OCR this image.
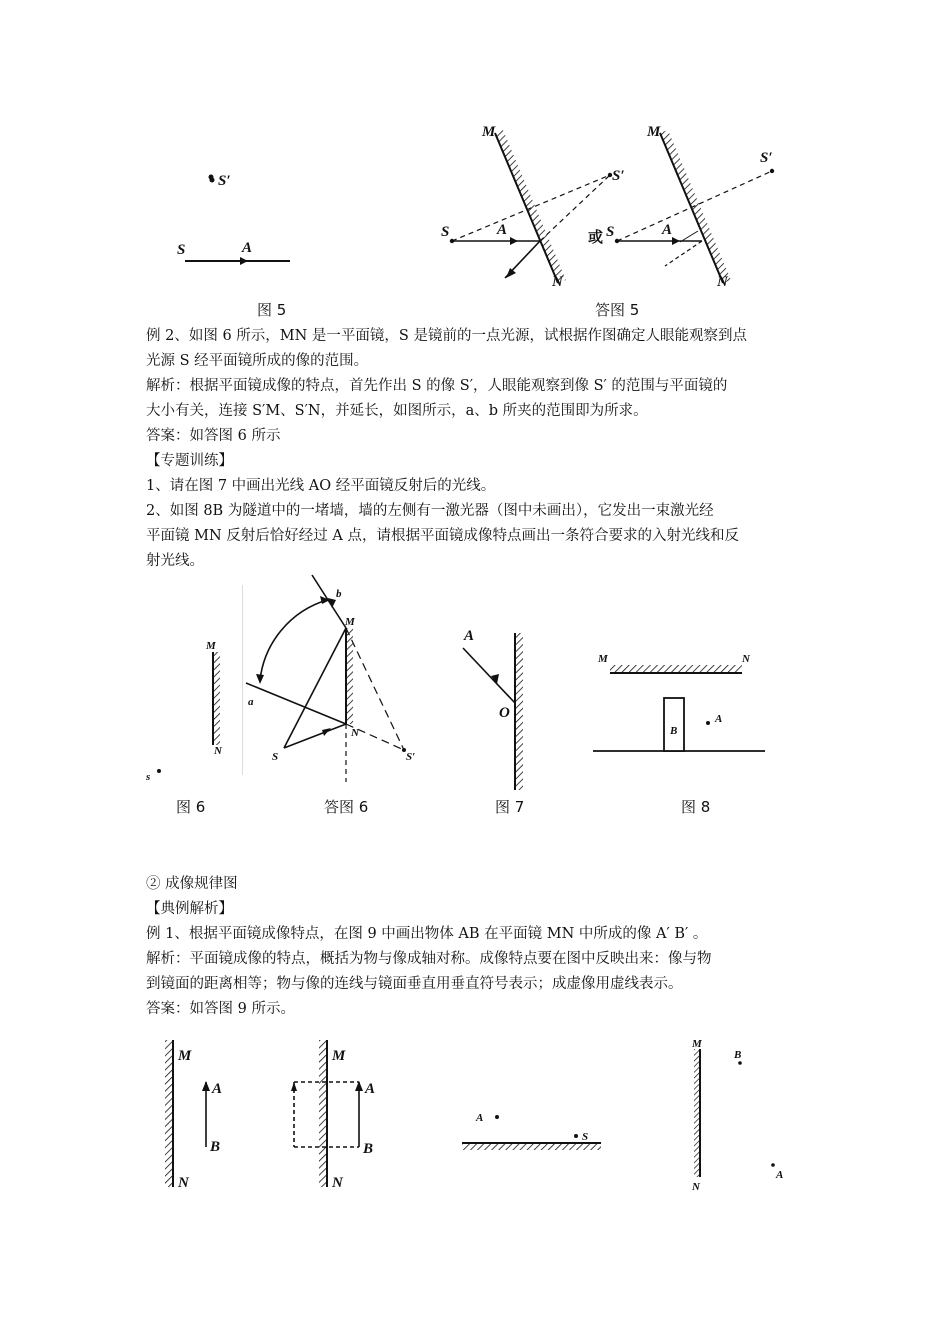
S′
S	A
图 5
M
N
S	A
S′
或
M
N
S	A
S′
答图 5

例 2、如图 6 所示，MN 是一平面镜，S 是镜前的一点光源，试根据作图确定人眼能观察到点

光源 S 经平面镜所成的像的范围。

解析：根据平面镜成像的特点，首先作出 S 的像 S′，人眼能观察到像 S′ 的范围与平面镜的

大小有关，连接 S′M、S′N，并延长，如图所示，a、b 所夹的范围即为所求。

答案：如答图 6 所示

【专题训练】

1、请在图 7 中画出光线 AO 经平面镜反射后的光线。

2、如图 8B 为隧道中的一堵墙，墙的左侧有一激光器（图中未画出），它发出一束激光经

平面镜 MN 反射后恰好经过 A 点，请根据平面镜成像特点画出一条符合要求的入射光线和反

射光线。

M
N
s
图 6
M
N
b
a
S	S′
答图 6
A
O
图 7
M	N
B
A
图 8

② 成像规律图

【典例解析】

例 1、根据平面镜成像特点，在图 9 中画出物体 AB 在平面镜 MN 中所成的像 A′ B′ 。

解析：平面镜成像的特点，概括为物与像成轴对称。成像特点要在图中反映出来：像与物

到镜面的距离相等；物与像的连线与镜面垂直用垂直符号表示；成虚像用虚线表示。

答案：如答图 9 所示。

M
N
A
B
M
N
A
B
A
S
M
N
B
A
